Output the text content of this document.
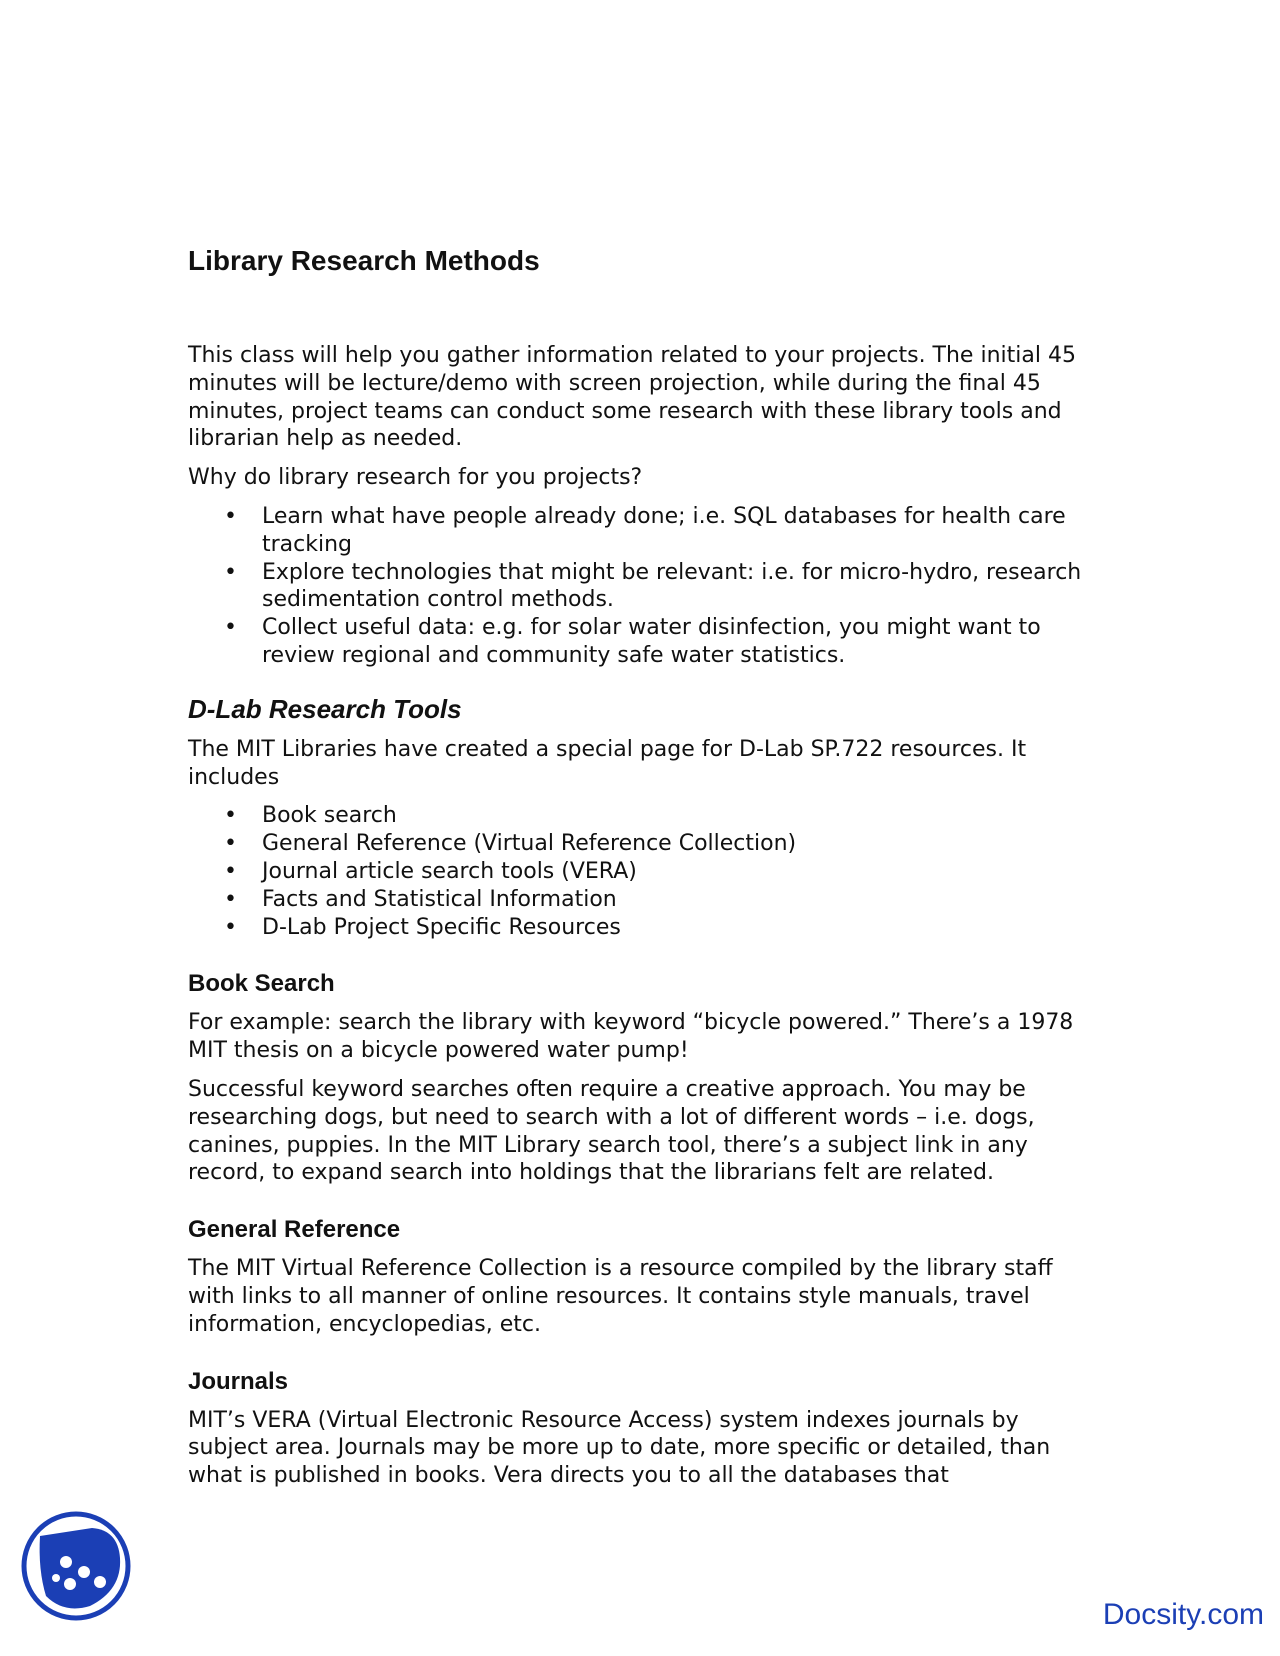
Library Research Methods

This class will help you gather information related to your projects. The initial 45 minutes will be lecture/demo with screen projection, while during the final 45 minutes, project teams can conduct some research with these library tools and librarian help as needed.

Why do library research for you projects?

• Learn what have people already done; i.e. SQL databases for health care tracking
• Explore technologies that might be relevant: i.e. for micro-hydro, research sedimentation control methods.
• Collect useful data: e.g. for solar water disinfection, you might want to review regional and community safe water statistics.
D-Lab Research Tools

The MIT Libraries have created a special page for D-Lab SP.722 resources. It includes

• Book search
• General Reference (Virtual Reference Collection)
• Journal article search tools (VERA)
• Facts and Statistical Information
• D-Lab Project Specific Resources
Book Search

For example: search the library with keyword “bicycle powered.” There’s a 1978 MIT thesis on a bicycle powered water pump!

Successful keyword searches often require a creative approach. You may be researching dogs, but need to search with a lot of different words – i.e. dogs, canines, puppies. In the MIT Library search tool, there’s a subject link in any record, to expand search into holdings that the librarians felt are related.

General Reference

The MIT Virtual Reference Collection is a resource compiled by the library staff with links to all manner of online resources. It contains style manuals, travel information, encyclopedias, etc.

Journals

MIT’s VERA (Virtual Electronic Resource Access) system indexes journals by subject area. Journals may be more up to date, more specific or detailed, than what is published in books. Vera directs you to all the databases that

Docsity.com
